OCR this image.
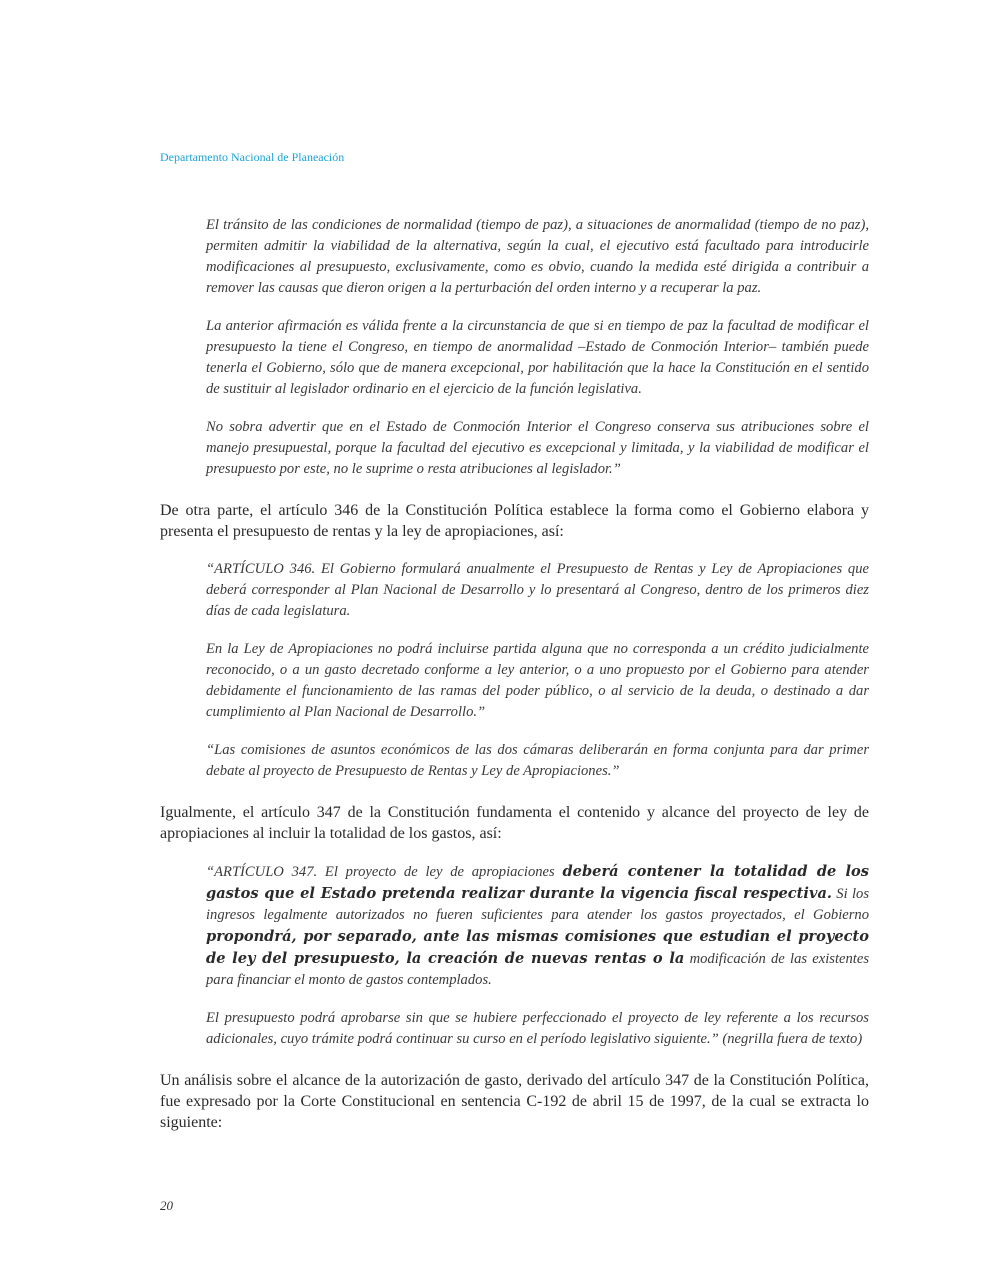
Departamento Nacional de Planeación

El tránsito de las condiciones de normalidad (tiempo de paz), a situaciones de anormalidad (tiempo de no paz), permiten admitir la viabilidad de la alternativa, según la cual, el ejecutivo está facultado para introducirle modificaciones al presupuesto, exclusivamente, como es obvio, cuando la medida esté dirigida a contribuir a remover las causas que dieron origen a la perturbación del orden interno y a recuperar la paz.

La anterior afirmación es válida frente a la circunstancia de que si en tiempo de paz la facultad de modificar el presupuesto la tiene el Congreso, en tiempo de anormalidad –Estado de Conmoción Interior– también puede tenerla el Gobierno, sólo que de manera excepcional, por habilitación que la hace la Constitución en el sentido de sustituir al legislador ordinario en el ejercicio de la función legislativa.

No sobra advertir que en el Estado de Conmoción Interior el Congreso conserva sus atribuciones sobre el manejo presupuestal, porque la facultad del ejecutivo es excepcional y limitada, y la viabilidad de modificar el presupuesto por este, no le suprime o resta atribuciones al legislador.”

De otra parte, el artículo 346 de la Constitución Política establece la forma como el Gobierno elabora y presenta el presupuesto de rentas y la ley de apropiaciones, así:

“ARTÍCULO 346. El Gobierno formulará anualmente el Presupuesto de Rentas y Ley de Apropiaciones que deberá corresponder al Plan Nacional de Desarrollo y lo presentará al Congreso, dentro de los primeros diez días de cada legislatura.

En la Ley de Apropiaciones no podrá incluirse partida alguna que no corresponda a un crédito judicialmente reconocido, o a un gasto decretado conforme a ley anterior, o a uno propuesto por el Gobierno para atender debidamente el funcionamiento de las ramas del poder público, o al servicio de la deuda, o destinado a dar cumplimiento al Plan Nacional de Desarrollo.”

“Las comisiones de asuntos económicos de las dos cámaras deliberarán en forma conjunta para dar primer debate al proyecto de Presupuesto de Rentas y Ley de Apropiaciones.”

Igualmente, el artículo 347 de la Constitución fundamenta el contenido y alcance del proyecto de ley de apropiaciones al incluir la totalidad de los gastos, así:

“ARTÍCULO 347. El proyecto de ley de apropiaciones deberá contener la totalidad de los gastos que el Estado pretenda realizar durante la vigencia fiscal respectiva. Si los ingresos legalmente autorizados no fueren suficientes para atender los gastos proyectados, el Gobierno propondrá, por separado, ante las mismas comisiones que estudian el proyecto de ley del presupuesto, la creación de nuevas rentas o la modificación de las existentes para financiar el monto de gastos contemplados.

El presupuesto podrá aprobarse sin que se hubiere perfeccionado el proyecto de ley referente a los recursos adicionales, cuyo trámite podrá continuar su curso en el período legislativo siguiente.” (negrilla fuera de texto)

Un análisis sobre el alcance de la autorización de gasto, derivado del artículo 347 de la Constitución Política, fue expresado por la Corte Constitucional en sentencia C-192 de abril 15 de 1997, de la cual se extracta lo siguiente:

20
